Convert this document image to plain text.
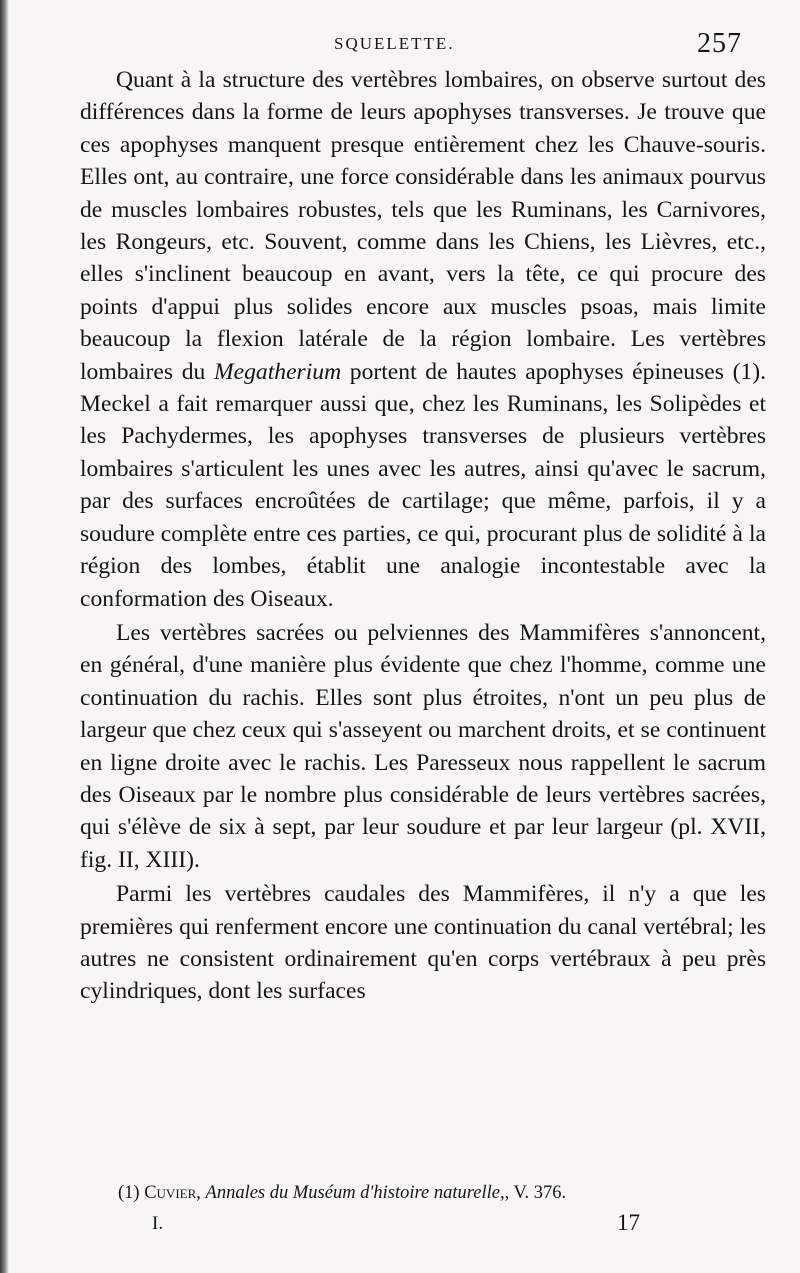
SQUELETTE.	257

Quant à la structure des vertèbres lombaires, on observe surtout des différences dans la forme de leurs apophyses transverses. Je trouve que ces apophyses manquent presque entièrement chez les Chauve-souris. Elles ont, au contraire, une force considérable dans les animaux pourvus de muscles lombaires robustes, tels que les Ruminans, les Carnivores, les Rongeurs, etc. Souvent, comme dans les Chiens, les Lièvres, etc., elles s'inclinent beaucoup en avant, vers la tête, ce qui procure des points d'appui plus solides encore aux muscles psoas, mais limite beaucoup la flexion latérale de la région lombaire. Les vertèbres lombaires du Megatherium portent de hautes apophyses épineuses (1). Meckel a fait remarquer aussi que, chez les Ruminans, les Solipèdes et les Pachydermes, les apophyses transverses de plusieurs vertèbres lombaires s'articulent les unes avec les autres, ainsi qu'avec le sacrum, par des surfaces encroûtées de cartilage; que même, parfois, il y a soudure complète entre ces parties, ce qui, procurant plus de solidité à la région des lombes, établit une analogie incontestable avec la conformation des Oiseaux.

Les vertèbres sacrées ou pelviennes des Mammifères s'annoncent, en général, d'une manière plus évidente que chez l'homme, comme une continuation du rachis. Elles sont plus étroites, n'ont un peu plus de largeur que chez ceux qui s'asseyent ou marchent droits, et se continuent en ligne droite avec le rachis. Les Paresseux nous rappellent le sacrum des Oiseaux par le nombre plus considérable de leurs vertèbres sacrées, qui s'élève de six à sept, par leur soudure et par leur largeur (pl. XVII, fig. II, XIII).

Parmi les vertèbres caudales des Mammifères, il n'y a que les premières qui renferment encore une continuation du canal vertébral; les autres ne consistent ordinairement qu'en corps vertébraux à peu près cylindriques, dont les surfaces

(1) Cuvier, Annales du Muséum d'histoire naturelle,, V. 376.
I.	17
